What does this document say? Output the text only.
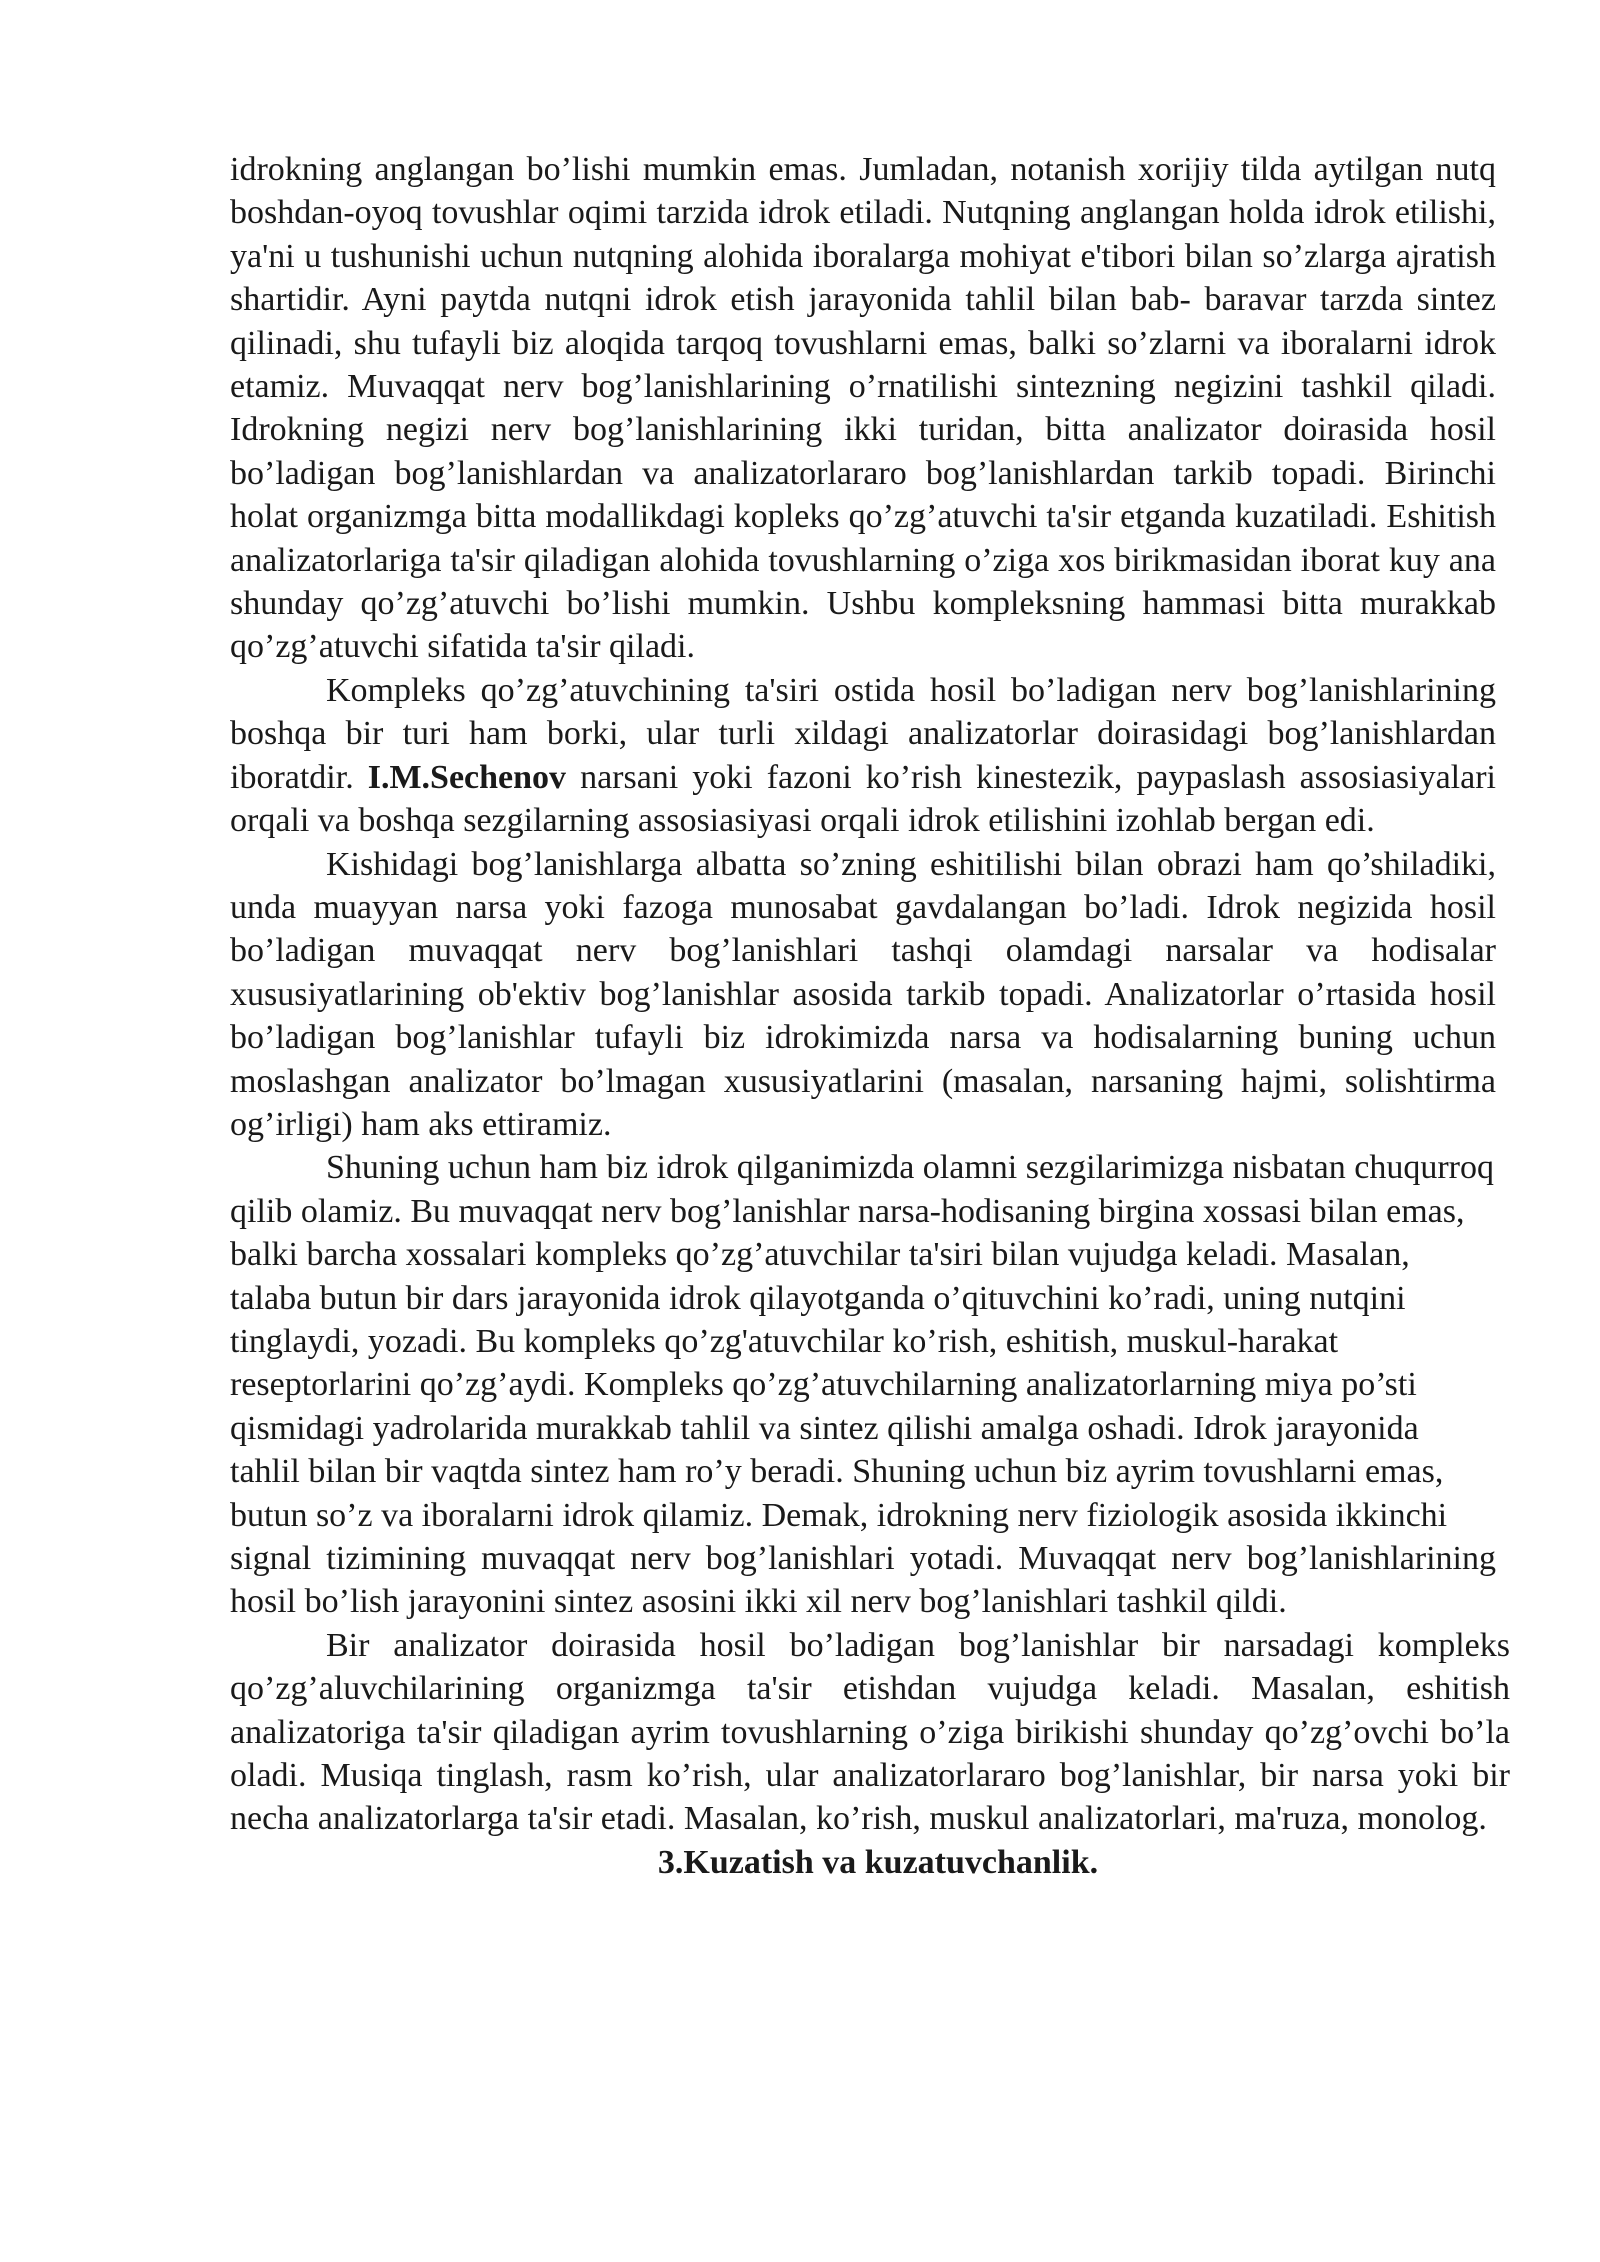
idrokning anglangan bo’lishi mumkin emas. Jumladan, notanish xorijiy tilda aytilgan nutq boshdan-oyoq tovushlar oqimi tarzida idrok etiladi. Nutqning anglangan holda idrok etilishi, ya'ni u tushunishi uchun nutqning alohida iboralarga mohiyat e'tibori bilan so’zlarga ajratish shartidir. Ayni paytda nutqni idrok etish jarayonida tahlil bilan bab- baravar tarzda sintez qilinadi, shu tufayli biz aloqida tarqoq tovushlarni emas, balki so’zlarni va iboralarni idrok etamiz. Muvaqqat nerv bog’lanishlarining o’rnatilishi sintezning negizini tashkil qiladi. Idrokning negizi nerv bog’lanishlarining ikki turidan, bitta analizator doirasida hosil bo’ladigan bog’lanishlardan va analizatorlararo bog’lanishlardan tarkib topadi. Birinchi holat organizmga bitta modallikdagi kopleks qo’zg’atuvchi ta'sir etganda kuzatiladi. Eshitish analizatorlariga ta'sir qiladigan alohida tovushlarning o’ziga xos birikmasidan iborat kuy ana shunday qo’zg’atuvchi bo’lishi mumkin. Ushbu kompleksning hammasi bitta murakkab qo’zg’atuvchi sifatida ta'sir qiladi.

Kompleks qo’zg’atuvchining ta'siri ostida hosil bo’ladigan nerv bog’lanishlarining boshqa bir turi ham borki, ular turli xildagi analizatorlar doirasidagi bog’lanishlardan iboratdir. I.M.Sechenov narsani yoki fazoni ko’rish kinestezik, paypaslash assosiasiyalari orqali va boshqa sezgilarning assosiasiyasi orqali idrok etilishini izohlab bergan edi.

Kishidagi bog’lanishlarga albatta so’zning eshitilishi bilan obrazi ham qo’shiladiki, unda muayyan narsa yoki fazoga munosabat gavdalangan bo’ladi. Idrok negizida hosil bo’ladigan muvaqqat nerv bog’lanishlari tashqi olamdagi narsalar va hodisalar xususiyatlarining ob'ektiv bog’lanishlar asosida tarkib topadi. Analizatorlar o’rtasida hosil bo’ladigan bog’lanishlar tufayli biz idrokimizda narsa va hodisalarning buning uchun moslashgan analizator bo’lmagan xususiyatlarini (masalan, narsaning hajmi, solishtirma og’irligi) ham aks ettiramiz.

Shuning uchun ham biz idrok qilganimizda olamni sezgilarimizga nisbatan chuqurroq qilib olamiz. Bu muvaqqat nerv bog’lanishlar narsa-hodisaning birgina xossasi bilan emas, balki barcha xossalari kompleks qo’zg’atuvchilar ta'siri bilan vujudga keladi. Masalan, talaba butun bir dars jarayonida idrok qilayotganda o’qituvchini ko’radi, uning nutqini tinglaydi, yozadi. Bu kompleks qo’zg'atuvchilar ko’rish, eshitish, muskul-harakat reseptorlarini qo’zg’aydi. Kompleks qo’zg’atuvchilarning analizatorlarning miya po’sti qismidagi yadrolarida murakkab tahlil va sintez qilishi amalga oshadi. Idrok jarayonida tahlil bilan bir vaqtda sintez ham ro’y beradi. Shuning uchun biz ayrim tovushlarni emas, butun so’z va iboralarni idrok qilamiz. Demak, idrokning nerv fiziologik asosida ikkinchi

signal tizimining muvaqqat nerv bog’lanishlari yotadi. Muvaqqat nerv bog’lanishlarining hosil bo’lish jarayonini sintez asosini ikki xil nerv bog’lanishlari tashkil qildi.

Bir analizator doirasida hosil bo’ladigan bog’lanishlar bir narsadagi kompleks qo’zg’aluvchilarining organizmga ta'sir etishdan vujudga keladi. Masalan, eshitish analizatoriga ta'sir qiladigan ayrim tovushlarning o’ziga birikishi shunday qo’zg’ovchi bo’la oladi. Musiqa tinglash, rasm ko’rish, ular analizatorlararo bog’lanishlar, bir narsa yoki bir necha analizatorlarga ta'sir etadi. Masalan, ko’rish, muskul analizatorlari, ma'ruza, monolog.

3.Kuzatish va kuzatuvchanlik.
